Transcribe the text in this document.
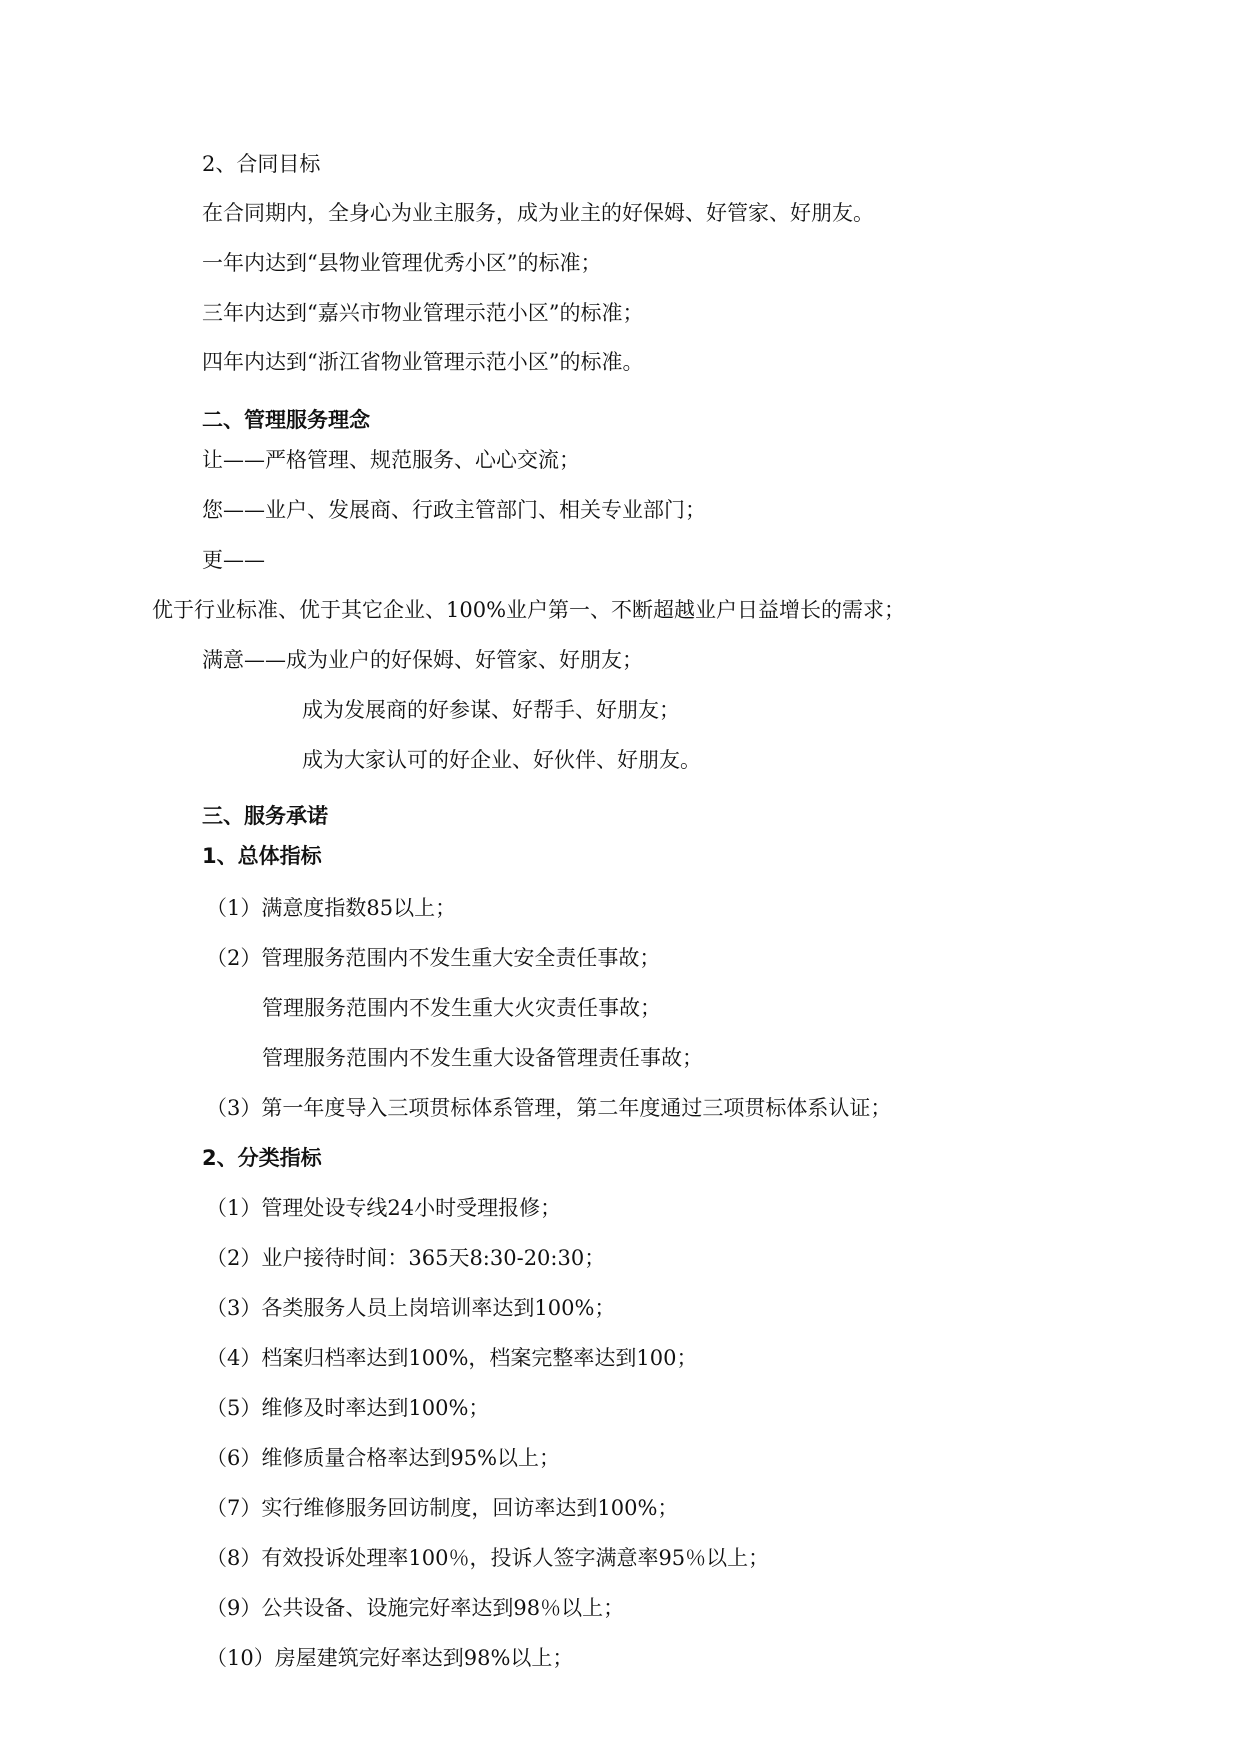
2、合同目标
在合同期内，全身心为业主服务，成为业主的好保姆、好管家、好朋友。
一年内达到“县物业管理优秀小区”的标准；
三年内达到“嘉兴市物业管理示范小区”的标准；
四年内达到“浙江省物业管理示范小区”的标准。
二、管理服务理念
让——严格管理、规范服务、心心交流；
您——业户、发展商、行政主管部门、相关专业部门；
更——
优于行业标准、优于其它企业、100%业户第一、不断超越业户日益增长的需求；
满意——成为业户的好保姆、好管家、好朋友；
成为发展商的好参谋、好帮手、好朋友；
成为大家认可的好企业、好伙伴、好朋友。
三、服务承诺
1、总体指标
（1）满意度指数85以上；
（2）管理服务范围内不发生重大安全责任事故；
管理服务范围内不发生重大火灾责任事故；
管理服务范围内不发生重大设备管理责任事故；
（3）第一年度导入三项贯标体系管理，第二年度通过三项贯标体系认证；
2、分类指标
（1）管理处设专线24小时受理报修；
（2）业户接待时间：365天8:30-20:30；
（3）各类服务人员上岗培训率达到100%；
（4）档案归档率达到100%，档案完整率达到100；
（5）维修及时率达到100%；
（6）维修质量合格率达到95%以上；
（7）实行维修服务回访制度，回访率达到100%；
（8）有效投诉处理率100％，投诉人签字满意率95％以上；
（9）公共设备、设施完好率达到98％以上；
（10）房屋建筑完好率达到98%以上；
